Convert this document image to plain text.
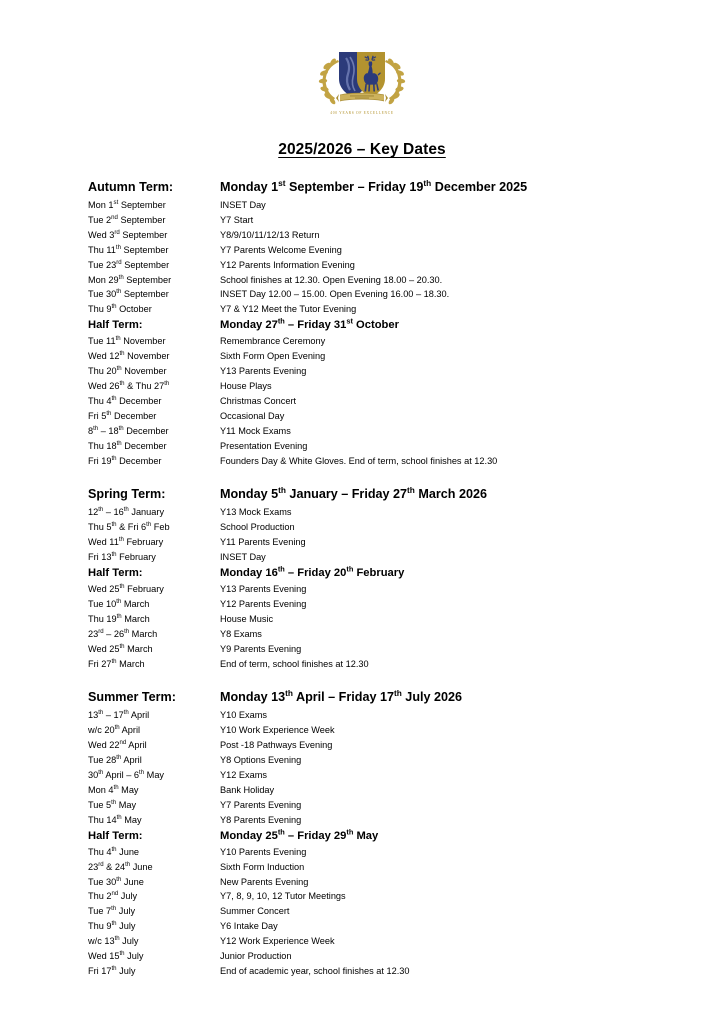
400 YEARS OF EXCELLENCE
2025/2026 – Key Dates
Autumn Term:	Monday 1st September – Friday 19th December 2025
Mon 1st September	INSET Day
Tue 2nd September	Y7 Start
Wed 3rd September	Y8/9/10/11/12/13 Return
Thu 11th September	Y7 Parents Welcome Evening
Tue 23rd September	Y12 Parents Information Evening
Mon 29th September	School finishes at 12.30. Open Evening 18.00 – 20.30.
Tue 30th September	INSET Day 12.00 – 15.00. Open Evening 16.00 – 18.30.
Thu 9th October	Y7 & Y12 Meet the Tutor Evening
Half Term:	Monday 27th – Friday 31st October
Tue 11th November	Remembrance Ceremony
Wed 12th November	Sixth Form Open Evening
Thu 20th November	Y13 Parents Evening
Wed 26th & Thu 27th	House Plays
Thu 4th December	Christmas Concert
Fri 5th December	Occasional Day
8th – 18th December	Y11 Mock Exams
Thu 18th December	Presentation Evening
Fri 19th December	Founders Day & White Gloves. End of term, school finishes at 12.30
Spring Term:	Monday 5th January – Friday 27th March 2026
12th – 16th January	Y13 Mock Exams
Thu 5th & Fri 6th Feb	School Production
Wed 11th February	Y11 Parents Evening
Fri 13th February	INSET Day
Half Term:	Monday 16th – Friday 20th February
Wed 25th February	Y13 Parents Evening
Tue 10th March	Y12 Parents Evening
Thu 19th March	House Music
23rd – 26th March	Y8 Exams
Wed 25th March	Y9 Parents Evening
Fri 27th March	End of term, school finishes at 12.30
Summer Term:	Monday 13th April – Friday 17th July 2026
13th – 17th April	Y10 Exams
w/c 20th April	Y10 Work Experience Week
Wed 22nd April	Post -18 Pathways Evening
Tue 28th April	Y8 Options Evening
30th April – 6th May	Y12 Exams
Mon 4th May	Bank Holiday
Tue 5th May	Y7 Parents Evening
Thu 14th May	Y8 Parents Evening
Half Term:	Monday 25th – Friday 29th May
Thu 4th June	Y10 Parents Evening
23rd & 24th June	Sixth Form Induction
Tue 30th June	New Parents Evening
Thu 2nd July	Y7, 8, 9, 10, 12 Tutor Meetings
Tue 7th July	Summer Concert
Thu 9th July	Y6 Intake Day
w/c 13th July	Y12 Work Experience Week
Wed 15th July	Junior Production
Fri 17th July	End of academic year, school finishes at 12.30
